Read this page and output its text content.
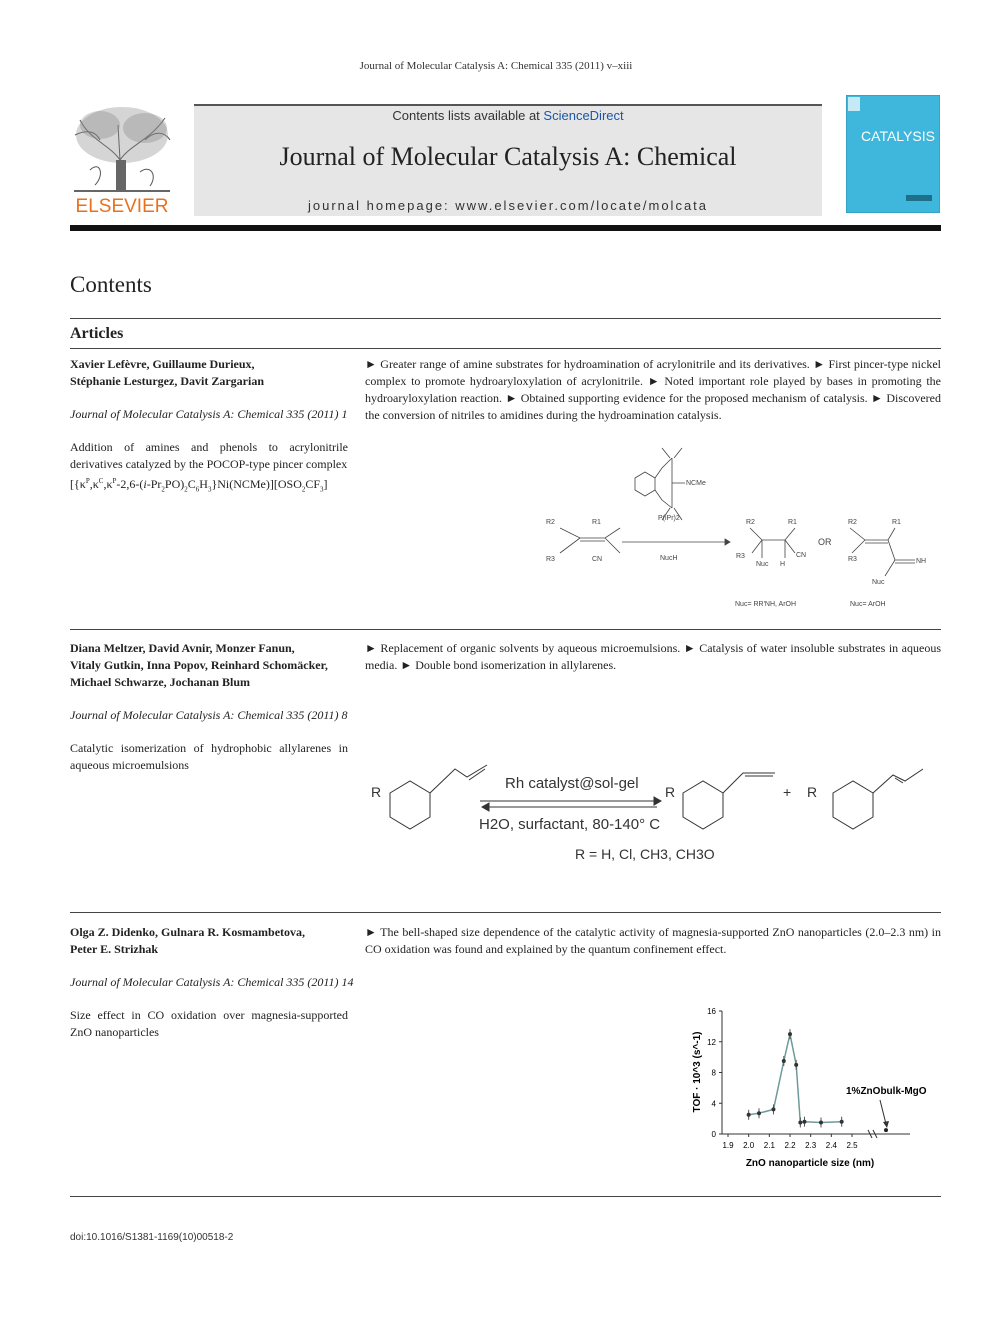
Journal of Molecular Catalysis A: Chemical 335 (2011) v–xiii
ELSEVIER
Contents lists available at ScienceDirect
Journal of Molecular Catalysis A: Chemical
journal homepage: www.elsevier.com/locate/molcata
CATALYSIS
Contents
Articles
Xavier Lefèvre, Guillaume Durieux,
Stéphanie Lesturgez, Davit Zargarian
Journal of Molecular Catalysis A: Chemical 335 (2011) 1
Addition of amines and phenols to acrylonitrile derivatives catalyzed by the POCOP-type pincer complex
$[\{\kappa^P,\kappa^C,\kappa^P-2,6-(i-Pr_2PO)_2C_6H_3\}Ni(NCMe)][OSO_2CF_3]$
► Greater range of amine substrates for hydroamination of acrylonitrile and its derivatives. ► First pincer-type nickel complex to promote hydroaryloxylation of acrylonitrile. ► Noted important role played by bases in promoting the hydroaryloxylation reaction. ► Obtained supporting evidence for the proposed mechanism of catalysis. ► Discovered the conversion of nitriles to amidines during the hydroamination catalysis.
NCMe
P(iPr)2
R2	R1
R3	CN	NucH
R2	R1
R3	CN
Nuc H
OR
R2	R1
R3	NH
Nuc
Nuc= RR'NH, ArOH	Nuc= ArOH
Diana Meltzer, David Avnir, Monzer Fanun,
Vitaly Gutkin, Inna Popov, Reinhard Schomäcker,
Michael Schwarze, Jochanan Blum
Journal of Molecular Catalysis A: Chemical 335 (2011) 8
Catalytic isomerization of hydrophobic allylarenes in aqueous microemulsions
► Replacement of organic solvents by aqueous microemulsions. ► Catalysis of water insoluble substrates in aqueous media. ► Double bond isomerization in allylarenes.
R	Rh catalyst@sol-gel
H2O, surfactant, 80-140° C
R	+ R
R = H, Cl, CH3, CH3O
Olga Z. Didenko, Gulnara R. Kosmambetova,
Peter E. Strizhak
Journal of Molecular Catalysis A: Chemical 335 (2011) 14
Size effect in CO oxidation over magnesia-supported ZnO nanoparticles
► The bell-shaped size dependence of the catalytic activity of magnesia-supported ZnO nanoparticles (2.0–2.3 nm) in CO oxidation was found and explained by the quantum confinement effect.
0
4
8
12
16
1.9 2.0 2.1 2.2 2.3 2.4 2.5
TOF · 10^3 (s^-1)
ZnO nanoparticle size (nm)
1%ZnObulk-MgO
doi:10.1016/S1381-1169(10)00518-2
